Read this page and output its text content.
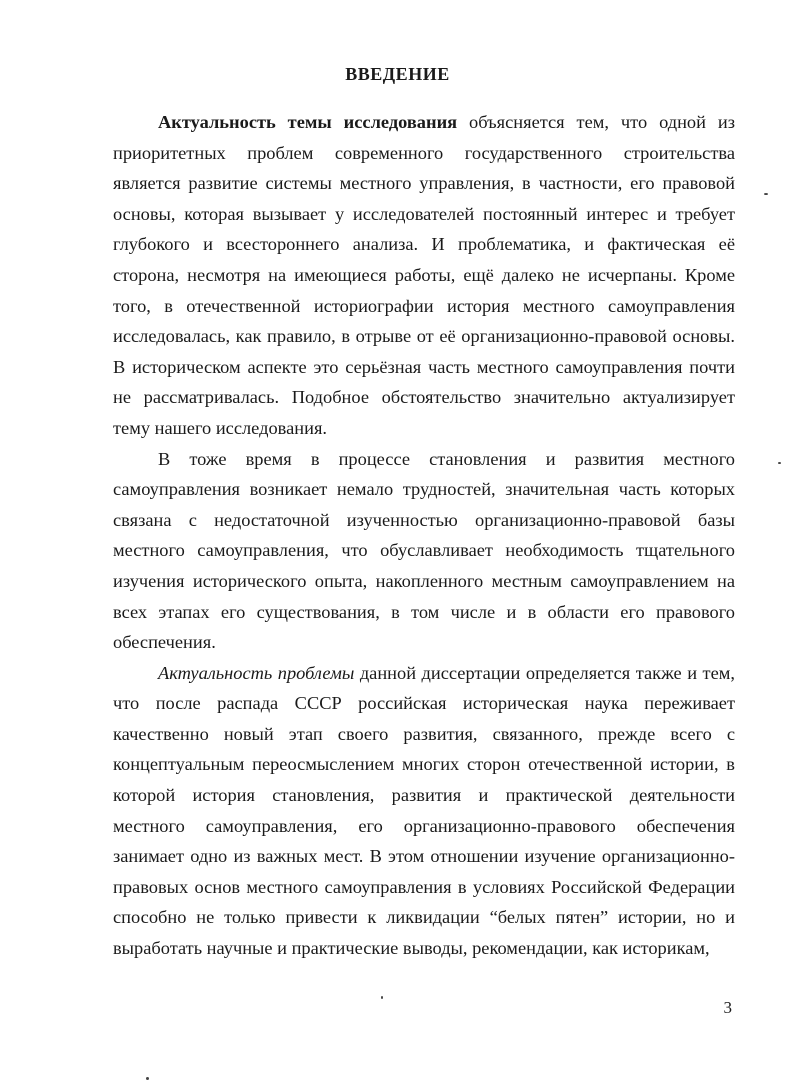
ВВЕДЕНИЕ

Актуальность темы исследования объясняется тем, что одной из приоритетных проблем современного государственного строительства является развитие системы местного управления, в частности, его правовой основы, которая вызывает у исследователей постоянный интерес и требует глубокого и всестороннего анализа. И проблематика, и фактическая её сторона, несмотря на имеющиеся работы, ещё далеко не исчерпаны. Кроме того, в отечественной историографии история местного самоуправления исследовалась, как правило, в отрыве от её организационно-правовой основы. В историческом аспекте это серьёзная часть местного самоуправления почти не рассматривалась. Подобное обстоятельство значительно актуализирует тему нашего исследования.

В тоже время в процессе становления и развития местного самоуправления возникает немало трудностей, значительная часть которых связана с недостаточной изученностью организационно-правовой базы местного самоуправления, что обуславливает необходимость тщательного изучения исторического опыта, накопленного местным самоуправлением на всех этапах его существования, в том числе и в области его правового обеспечения.

Актуальность проблемы данной диссертации определяется также и тем, что после распада СССР российская историческая наука переживает качественно новый этап своего развития, связанного, прежде всего с концептуальным переосмыслением многих сторон отечественной истории, в которой история становления, развития и практической деятельности местного самоуправления, его организационно-правового обеспечения занимает одно из важных мест. В этом отношении изучение организационно-правовых основ местного самоуправления в условиях Российской Федерации способно не только привести к ликвидации “белых пятен” истории, но и выработать научные и практические выводы, рекомендации, как историкам,

3
